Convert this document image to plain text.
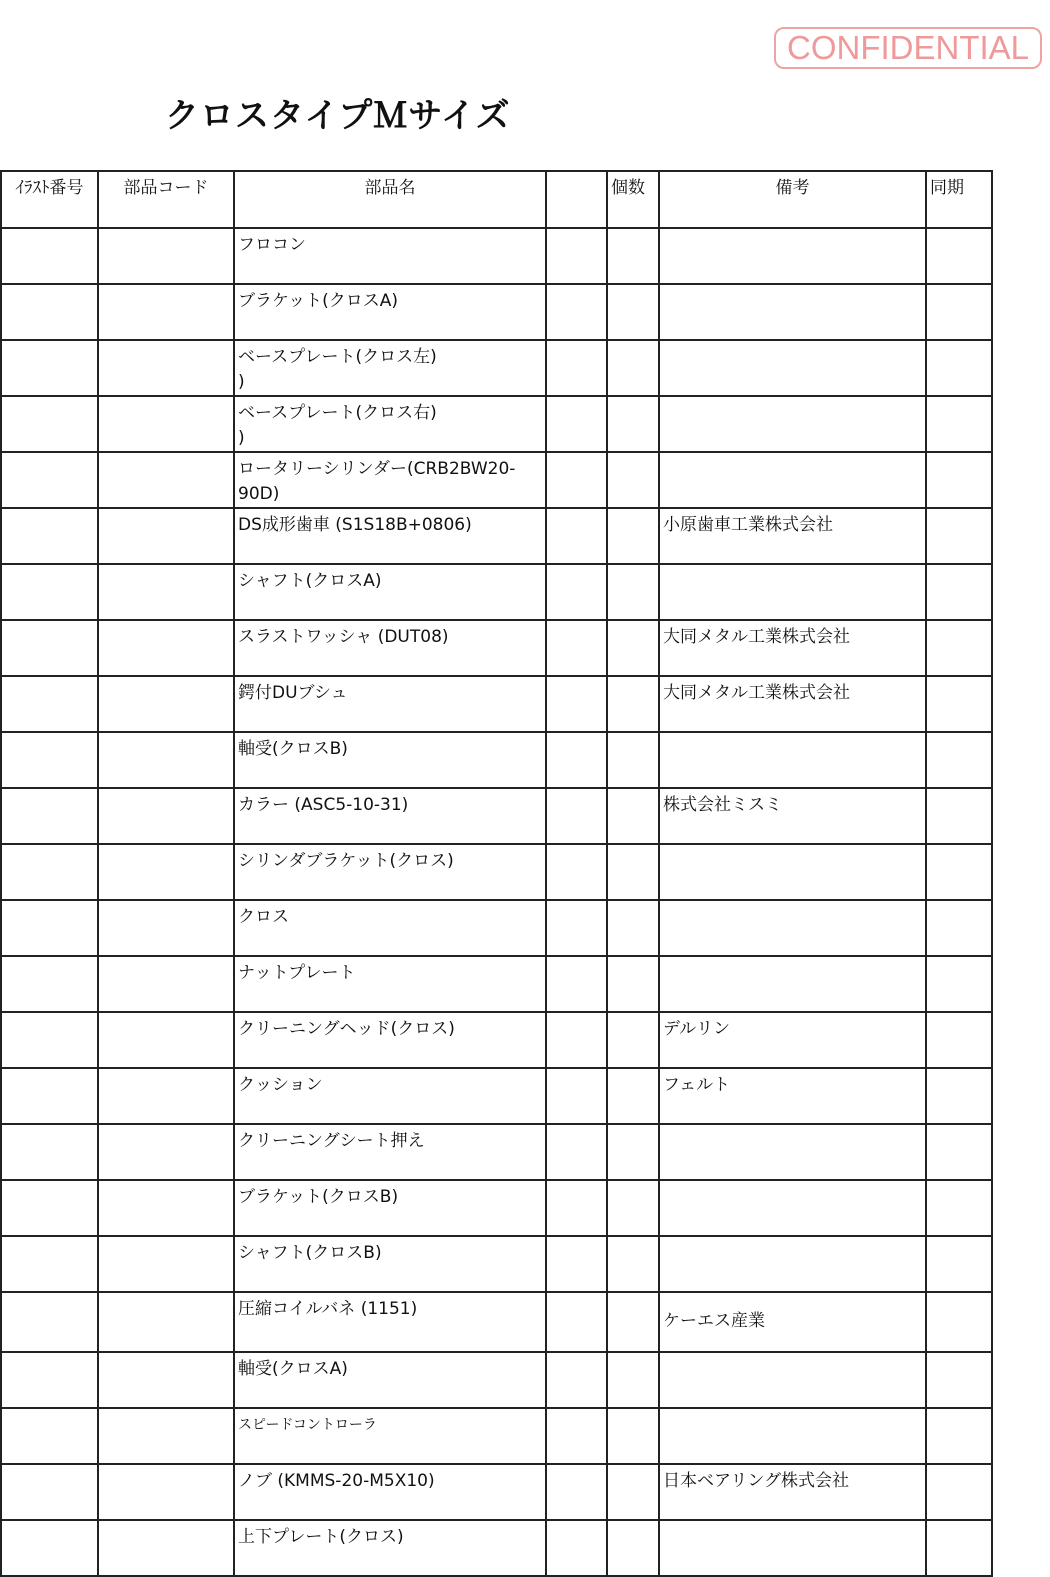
CONFIDENTIAL
クロスタイプＭサイズ
ｲﾗｽﾄ番号	部品コード	部品名		個数	備考	同期
		フロコン				
		ブラケット(クロスA)				
		ベースプレート(クロス左)
)				
		ベースプレート(クロス右)
)				
		ロータリーシリンダー(CRB2BW20-90D)				
		DS成形歯車 (S1S18B+0806)			小原歯車工業株式会社	
		シャフト(クロスA)				
		スラストワッシャ (DUT08)			大同メタル工業株式会社	
		鍔付DUブシュ			大同メタル工業株式会社	
		軸受(クロスB)				
		カラー (ASC5-10-31)			株式会社ミスミ	
		シリンダブラケット(クロス)				
		クロス				
		ナットプレート				
		クリーニングヘッド(クロス)			デルリン	
		クッション			フェルト	
		クリーニングシート押え				
		ブラケット(クロスB)				
		シャフト(クロスB)				
		圧縮コイルバネ (1151)			ケーエス産業	
		軸受(クロスA)				
		スピードコントローラ				
		ノブ (KMMS-20-M5X10)			日本ベアリング株式会社	
		上下プレート(クロス)				
